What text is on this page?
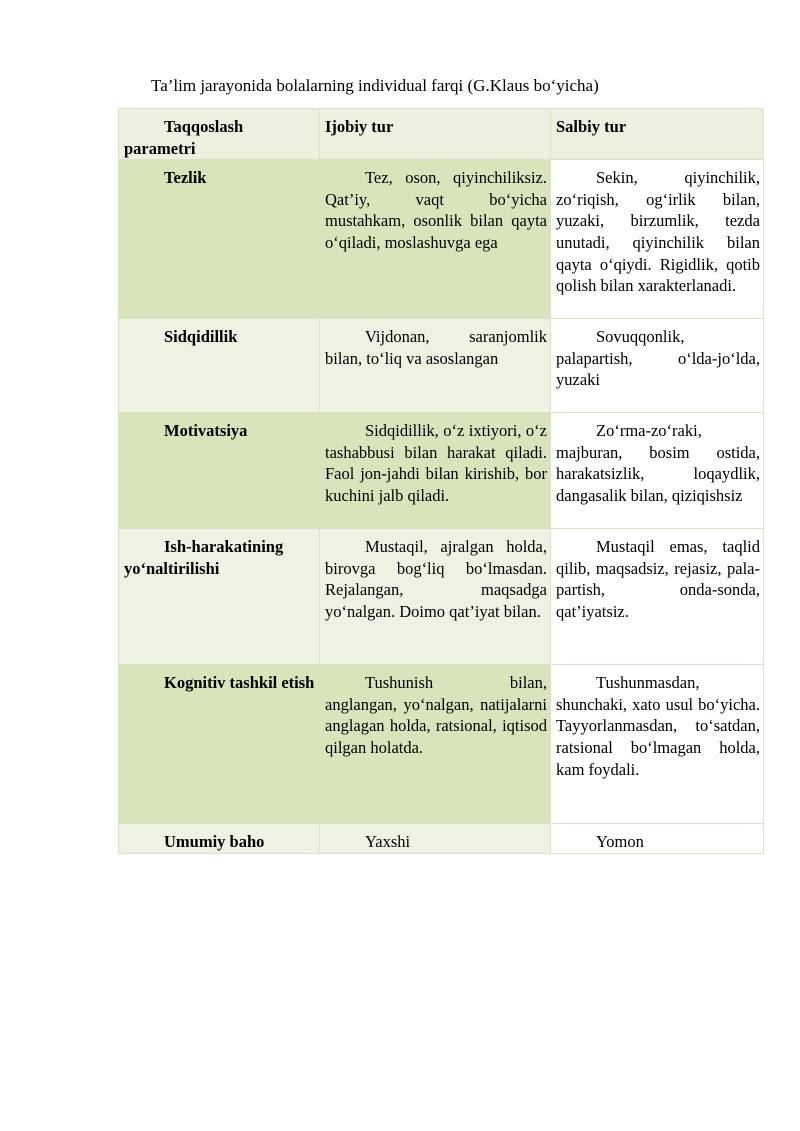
Ta’lim jarayonida bolalarning individual farqi (G.Klaus bo‘yicha)
Taqqoslash parametri	Ijobiy tur	Salbiy tur
Tezlik	Tez, oson, qiyinchiliksiz. Qat’iy, vaqt bo‘yicha mustahkam, osonlik bilan qayta o‘qiladi, moslashuvga ega	Sekin, qiyinchilik, zo‘riqish, og‘irlik bilan, yuzaki, birzumlik, tezda unutadi, qiyinchilik bilan qayta o‘qiydi. Rigidlik, qotib qolish bilan xarakterlanadi.
Sidqidillik	Vijdonan, saranjomlik bilan, to‘liq va asoslangan	Sovuqqonlik, palapartish, o‘lda-jo‘lda, yuzaki
Motivatsiya	Sidqidillik, o‘z ixtiyori, o‘z tashabbusi bilan harakat qiladi. Faol jon-jahdi bilan kirishib, bor kuchini jalb qiladi.	Zo‘rma-zo‘raki, majburan, bosim ostida, harakatsizlik, loqaydlik, dangasalik bilan, qiziqishsiz
Ish-harakatining yo‘naltirilishi	Mustaqil, ajralgan holda, birovga bog‘liq bo‘lmasdan. Rejalangan, maqsadga yo‘nalgan. Doimo qat’iyat bilan.	Mustaqil emas, taqlid qilib, maqsadsiz, rejasiz, pala-partish, onda-sonda, qat’iyatsiz.
Kognitiv tashkil etish	Tushunish bilan, anglangan, yo‘nalgan, natijalarni anglagan holda, ratsional, iqtisod qilgan holatda.	Tushunmasdan, shunchaki, xato usul bo‘yicha. Tayyorlanmasdan, to‘satdan, ratsional bo‘lmagan holda, kam foydali.
Umumiy baho	Yaxshi	Yomon
